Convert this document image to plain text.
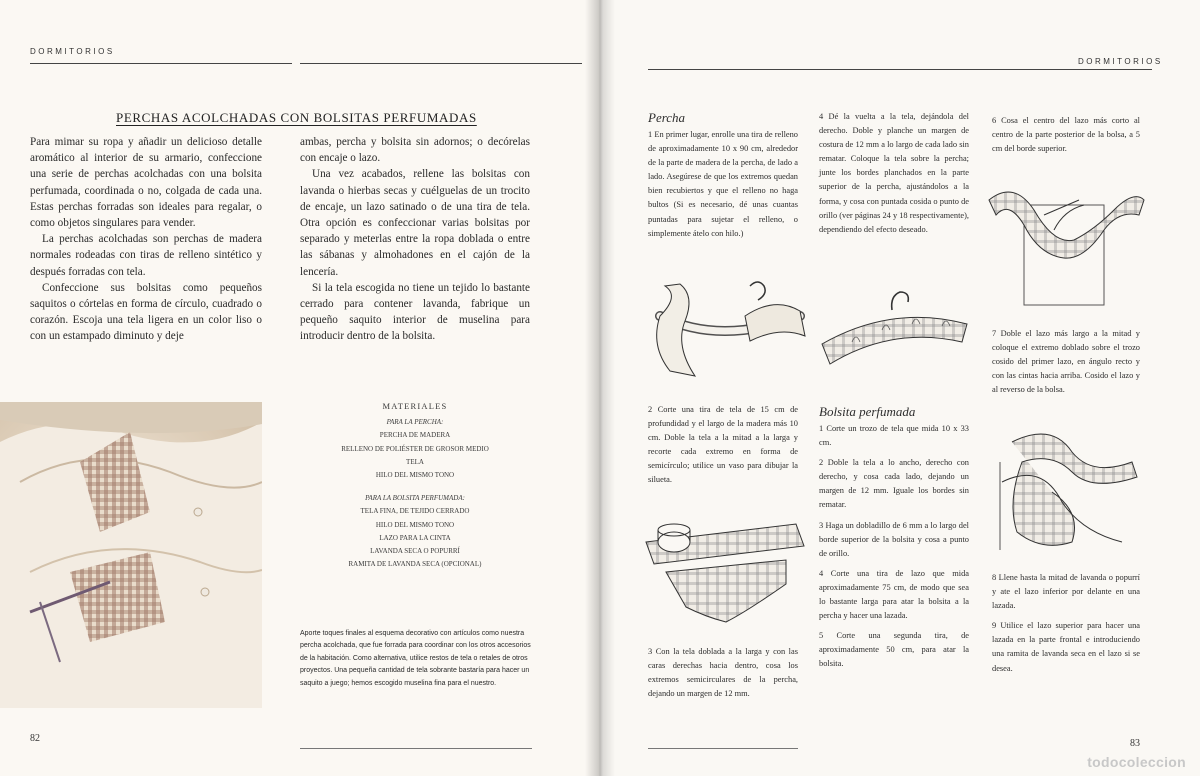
DORMITORIOS
PERCHAS ACOLCHADAS CON BOLSITAS PERFUMADAS

Para mimar su ropa y añadir un delicioso detalle aromático al interior de su armario, confeccione una serie de perchas acolchadas con una bolsita perfumada, coordinada o no, colgada de cada una. Estas perchas forradas son ideales para regalar, o como objetos singulares para vender.

La perchas acolchadas son perchas de madera normales rodeadas con tiras de relleno sintético y después forradas con tela.

Confeccione sus bolsitas como pequeños saquitos o córtelas en forma de círculo, cuadrado o corazón. Escoja una tela ligera en un color liso o con un estampado diminuto y deje

ambas, percha y bolsita sin adornos; o decórelas con encaje o lazo.

Una vez acabados, rellene las bolsitas con lavanda o hierbas secas y cuélguelas de un trocito de encaje, un lazo satinado o de una tira de tela. Otra opción es confeccionar varias bolsitas por separado y meterlas entre la ropa doblada o entre las sábanas y almohadones en el cajón de la lencería.

Si la tela escogida no tiene un tejido lo bastante cerrado para contener lavanda, fabrique un pequeño saquito interior de muselina para introducir dentro de la bolsita.

MATERIALES
PARA LA PERCHA:
PERCHA DE MADERA
RELLENO DE POLIÉSTER DE GROSOR MEDIO
TELA
HILO DEL MISMO TONO
PARA LA BOLSITA PERFUMADA:
TELA FINA, DE TEJIDO CERRADO
HILO DEL MISMO TONO
LAZO PARA LA CINTA
LAVANDA SECA O POPURRÍ
RAMITA DE LAVANDA SECA (OPCIONAL)
Aporte toques finales al esquema decorativo con artículos como nuestra percha acolchada, que fue forrada para coordinar con los otros accesorios de la habitación. Como alternativa, utilice restos de tela o retales de otros proyectos. Una pequeña cantidad de tela sobrante bastaría para hacer un saquito a juego; hemos escogido muselina fina para el nuestro.
82
DORMITORIOS
Percha

1 En primer lugar, enrolle una tira de relleno de aproximadamente 10 x 90 cm, alrededor de la parte de madera de la percha, de lado a lado. Asegúrese de que los extremos quedan bien recubiertos y que el relleno no haga bultos (Si es necesario, dé unas cuantas puntadas para sujetar el relleno, o simplemente átelo con hilo.)

2 Corte una tira de tela de 15 cm de profundidad y el largo de la madera más 10 cm. Doble la tela a la mitad a la larga y recorte cada extremo en forma de semicírculo; utilice un vaso para dibujar la silueta.

3 Con la tela doblada a la larga y con las caras derechas hacia dentro, cosa los extremos semicirculares de la percha, dejando un margen de 12 mm.

4 Dé la vuelta a la tela, dejándola del derecho. Doble y planche un margen de costura de 12 mm a lo largo de cada lado sin rematar. Coloque la tela sobre la percha; junte los bordes planchados en la parte superior de la percha, ajustándolos a la forma, y cosa con puntada cosida o punto de orillo (ver páginas 24 y 18 respectivamente), dependiendo del efecto deseado.

Bolsita perfumada

1 Corte un trozo de tela que mida 10 x 33 cm.

2 Doble la tela a lo ancho, derecho con derecho, y cosa cada lado, dejando un margen de 12 mm. Iguale los bordes sin rematar.

3 Haga un dobladillo de 6 mm a lo largo del borde superior de la bolsita y cosa a punto de orillo.

4 Corte una tira de lazo que mida aproximadamente 75 cm, de modo que sea lo bastante larga para atar la bolsita a la percha y hacer una lazada.

5 Corte una segunda tira, de aproximadamente 50 cm, para atar la bolsita.

6 Cosa el centro del lazo más corto al centro de la parte posterior de la bolsa, a 5 cm del borde superior.

7 Doble el lazo más largo a la mitad y coloque el extremo doblado sobre el trozo cosido del primer lazo, en ángulo recto y con las cintas hacia arriba. Cosido el lazo y al reverso de la bolsa.

8 Llene hasta la mitad de lavanda o popurrí y ate el lazo inferior por delante en una lazada.

9 Utilice el lazo superior para hacer una lazada en la parte frontal e introduciendo una ramita de lavanda seca en el lazo si se desea.

83
todocoleccion
